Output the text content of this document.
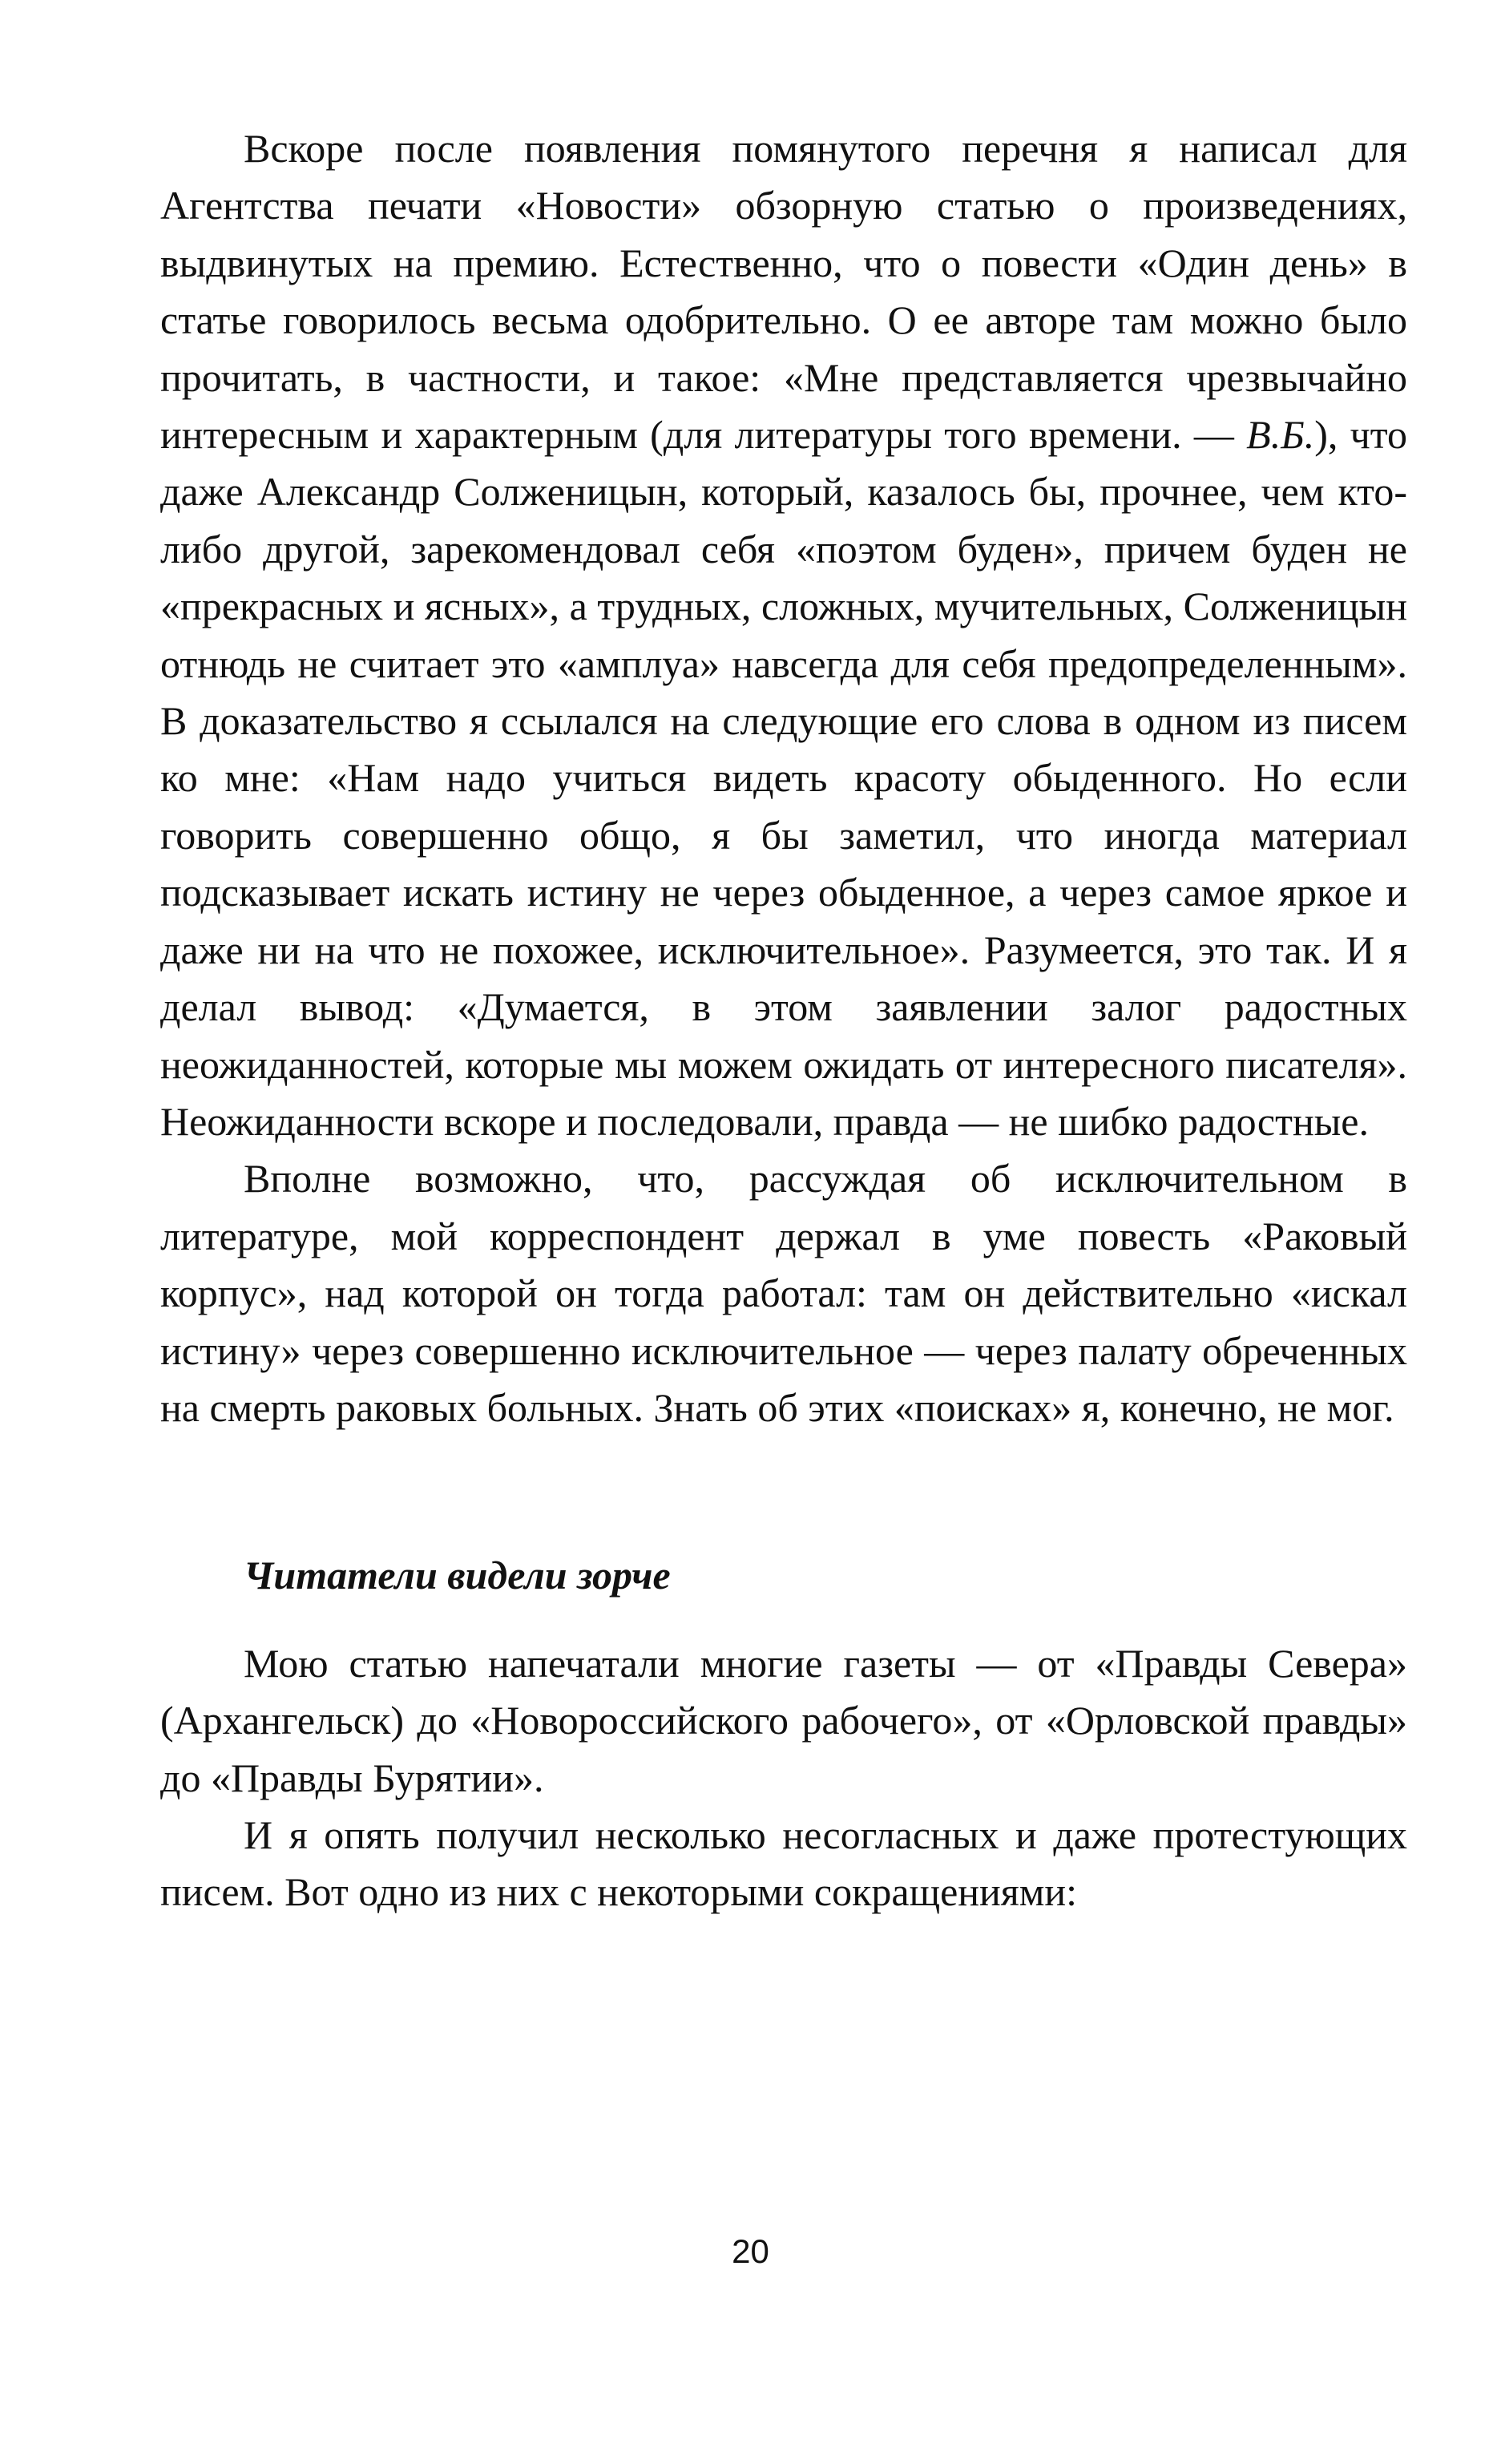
Вскоре после появления помянутого перечня я написал для Агентства печати «Новости» обзорную статью о произведениях, выдвинутых на премию. Естественно, что о повести «Один день» в статье говорилось весьма одобрительно. О ее авторе там можно было прочитать, в частности, и такое: «Мне представляется чрезвычайно интересным и характерным (для литературы того времени. — В.Б.), что даже Александр Солженицын, который, казалось бы, прочнее, чем кто-либо другой, зарекомендовал себя «поэтом буден», причем буден не «прекрасных и ясных», а трудных, сложных, мучительных, Солженицын отнюдь не считает это «амплуа» навсегда для себя предопределенным». В доказательство я ссылался на следующие его слова в одном из писем ко мне: «Нам надо учиться видеть красоту обыденного. Но если говорить совершенно общо, я бы заметил, что иногда материал подсказывает искать истину не через обыденное, а через самое яркое и даже ни на что не похожее, исключительное». Разумеется, это так. И я делал вывод: «Думается, в этом заявлении залог радостных неожиданностей, которые мы можем ожидать от интересного писателя». Неожиданности вскоре и последовали, правда — не шибко радостные.

Вполне возможно, что, рассуждая об исключительном в литературе, мой корреспондент держал в уме повесть «Раковый корпус», над которой он тогда работал: там он действительно «искал истину» через совершенно исключительное — через палату обреченных на смерть раковых больных. Знать об этих «поисках» я, конечно, не мог.

Читатели видели зорче

Мою статью напечатали многие газеты — от «Правды Севера» (Архангельск) до «Новороссийского рабочего», от «Орловской правды» до «Правды Бурятии».

И я опять получил несколько несогласных и даже протестующих писем. Вот одно из них с некоторыми сокращениями:

20
